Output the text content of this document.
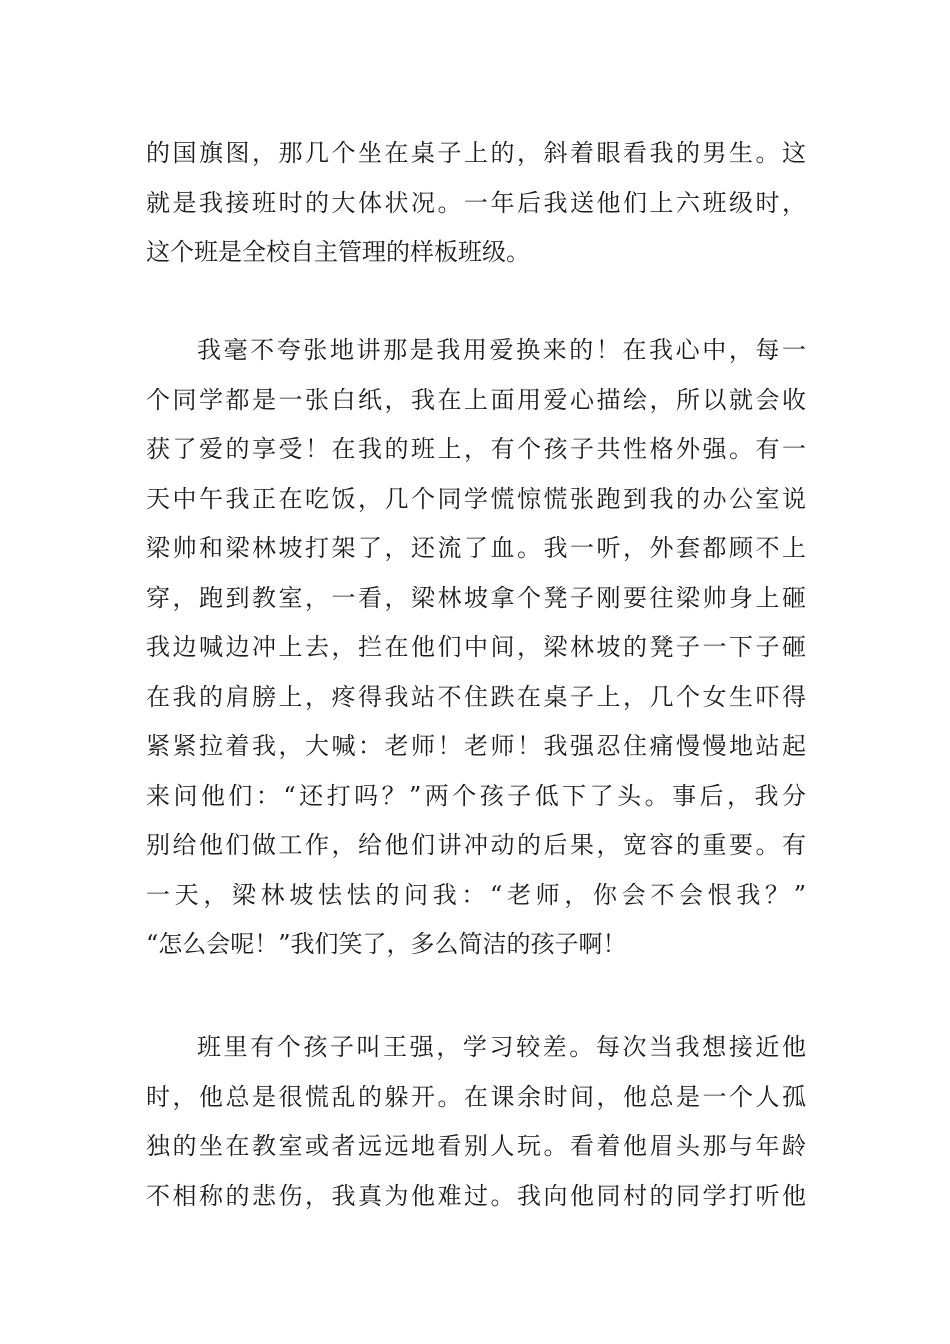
的国旗图，那几个坐在桌子上的，斜着眼看我的男生。这
就是我接班时的大体状况。一年后我送他们上六班级时，
这个班是全校自主管理的样板班级。
我毫不夸张地讲那是我用爱换来的！在我心中，每一
个同学都是一张白纸，我在上面用爱心描绘，所以就会收
获了爱的享受！在我的班上，有个孩子共性格外强。有一
天中午我正在吃饭，几个同学慌惊慌张跑到我的办公室说
梁帅和梁林坡打架了，还流了血。我一听，外套都顾不上
穿，跑到教室，一看，梁林坡拿个凳子刚要往梁帅身上砸
我边喊边冲上去，拦在他们中间，梁林坡的凳子一下子砸
在我的肩膀上，疼得我站不住跌在桌子上，几个女生吓得
紧紧拉着我，大喊：老师！老师！我强忍住痛慢慢地站起
来问他们：“还打吗？”两个孩子低下了头。事后，我分
别给他们做工作，给他们讲冲动的后果，宽容的重要。有
一天，梁林坡怯怯的问我：“老师，你会不会恨我？”
“怎么会呢！”我们笑了，多么简洁的孩子啊！
班里有个孩子叫王强，学习较差。每次当我想接近他
时，他总是很慌乱的躲开。在课余时间，他总是一个人孤
独的坐在教室或者远远地看别人玩。看着他眉头那与年龄
不相称的悲伤，我真为他难过。我向他同村的同学打听他
